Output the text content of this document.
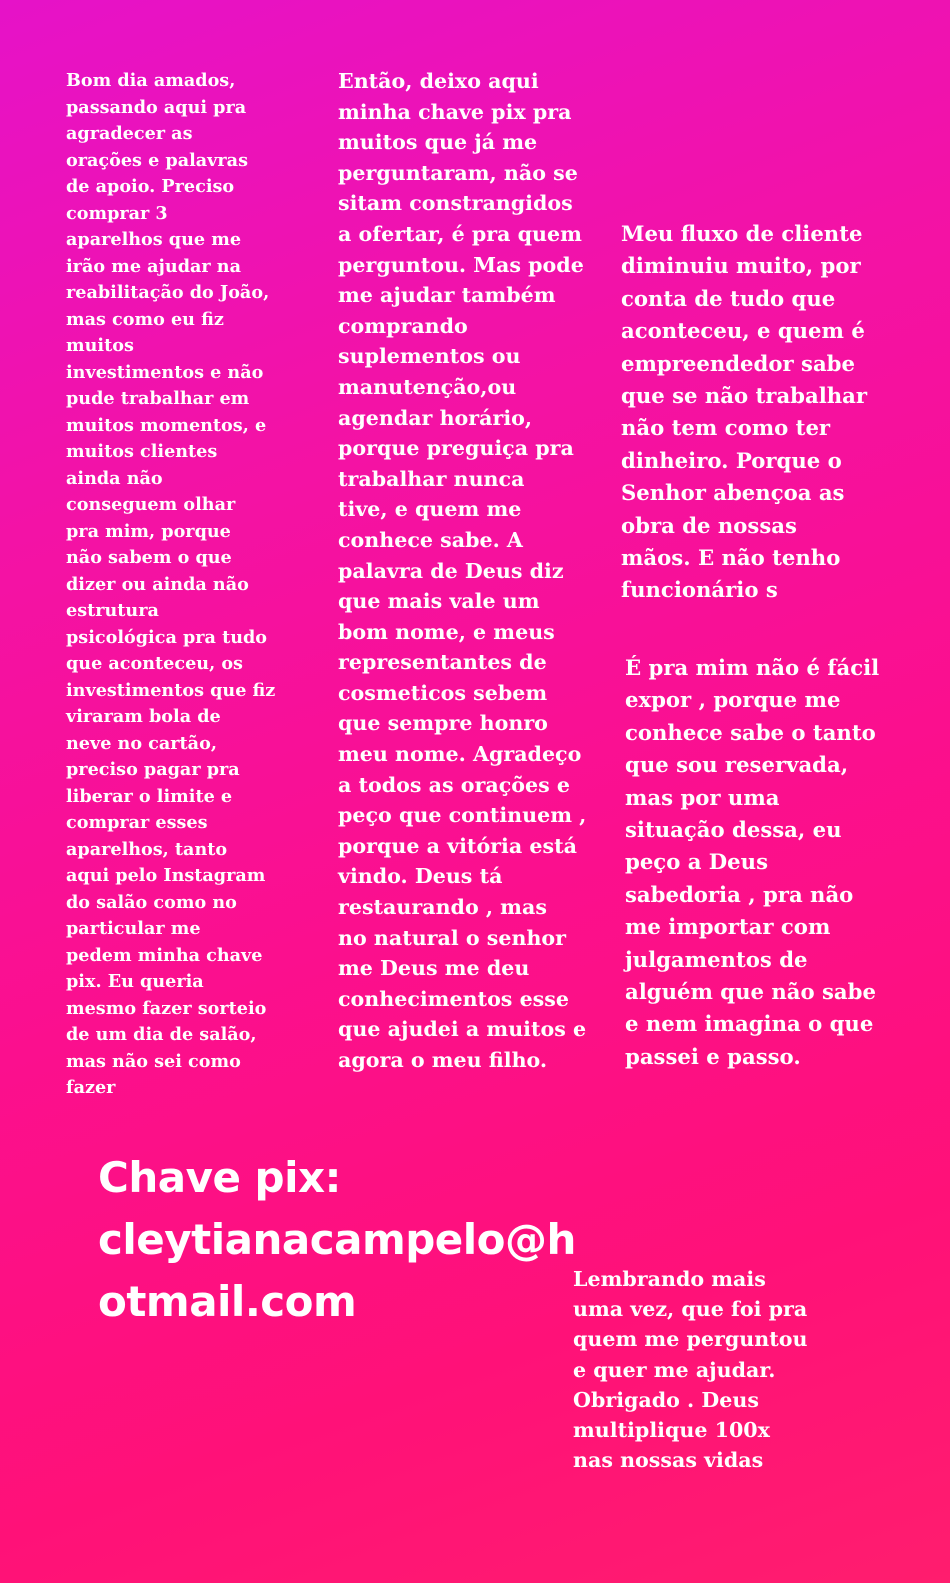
Bom dia amados,
passando aqui pra
agradecer as
orações e palavras
de apoio. Preciso
comprar 3
aparelhos que me
irão me ajudar na
reabilitação do João,
mas como eu fiz
muitos
investimentos e não
pude trabalhar em
muitos momentos, e
muitos clientes
ainda não
conseguem olhar
pra mim, porque
não sabem o que
dizer ou ainda não
estrutura
psicológica pra tudo
que aconteceu, os
investimentos que fiz
viraram bola de
neve no cartão,
preciso pagar pra
liberar o limite e
comprar esses
aparelhos, tanto
aqui pelo Instagram
do salão como no
particular me
pedem minha chave
pix. Eu queria
mesmo fazer sorteio
de um dia de salão,
mas não sei como
fazer

Então, deixo aqui
minha chave pix pra
muitos que já me
perguntaram, não se
sitam constrangidos
a ofertar, é pra quem
perguntou. Mas pode
me ajudar também
comprando
suplementos ou
manutenção,ou
agendar horário,
porque preguiça pra
trabalhar nunca
tive, e quem me
conhece sabe. A
palavra de Deus diz
que mais vale um
bom nome, e meus
representantes de
cosmeticos sebem
que sempre honro
meu nome. Agradeço
a todos as orações e
peço que continuem ,
porque a vitória está
vindo. Deus tá
restaurando , mas
no natural o senhor
me Deus me deu
conhecimentos esse
que ajudei a muitos e
agora o meu filho.

Meu fluxo de cliente
diminuiu muito, por
conta de tudo que
aconteceu, e quem é
empreendedor sabe
que se não trabalhar
não tem como ter
dinheiro. Porque o
Senhor abençoa as
obra de nossas
mãos. E não tenho
funcionário s

É pra mim não é fácil
expor , porque me
conhece sabe o tanto
que sou reservada,
mas por uma
situação dessa, eu
peço a Deus
sabedoria , pra não
me importar com
julgamentos de
alguém que não sabe
e nem imagina o que
passei e passo.

Chave pix:
cleytianacampelo@h
otmail.com	Lembrando mais
uma vez, que foi pra
quem me perguntou
e quer me ajudar.
Obrigado . Deus
multiplique 100x
nas nossas vidas
